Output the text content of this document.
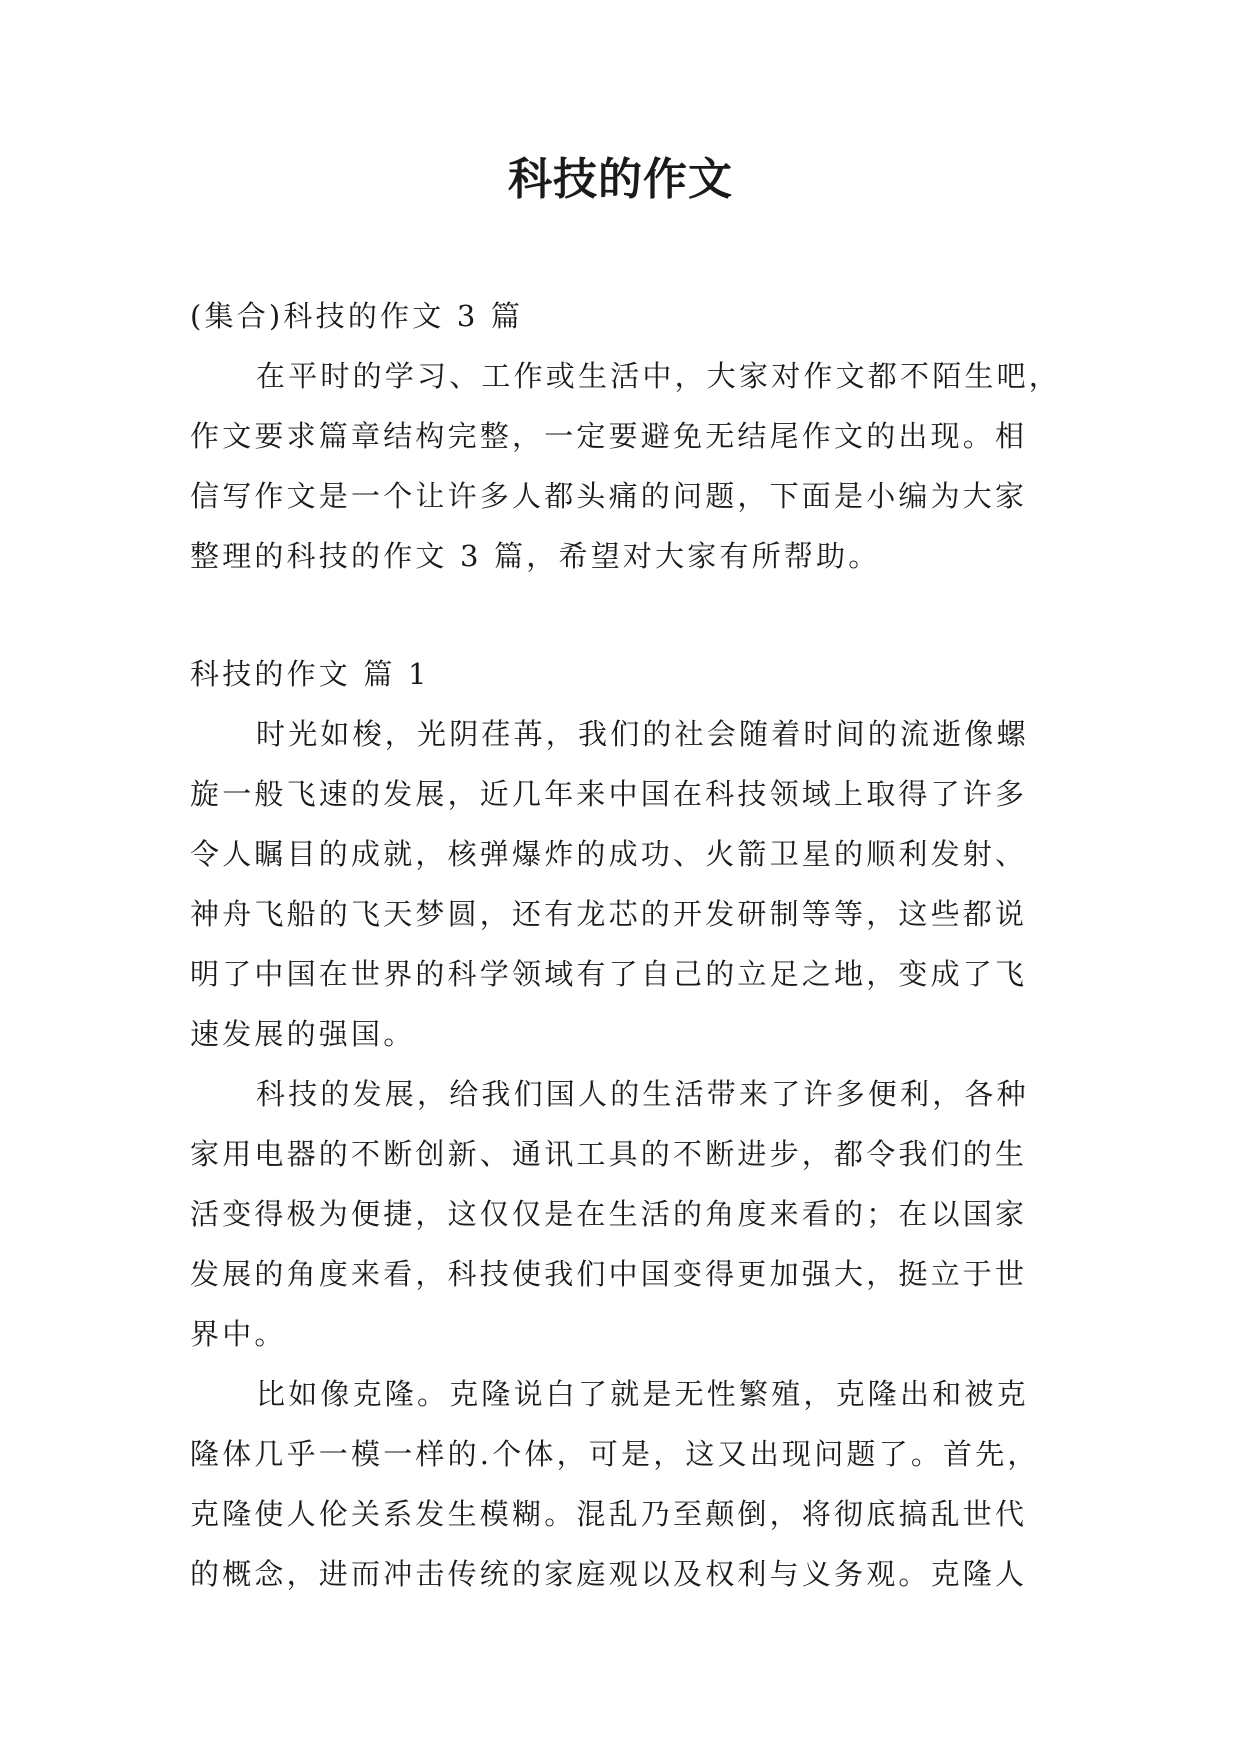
科技的作文
(集合)科技的作文 3 篇
在平时的学习、工作或生活中，大家对作文都不陌生吧，
作文要求篇章结构完整，一定要避免无结尾作文的出现。相
信写作文是一个让许多人都头痛的问题，下面是小编为大家
整理的科技的作文 3 篇，希望对大家有所帮助。
科技的作文 篇 1
时光如梭，光阴荏苒，我们的社会随着时间的流逝像螺
旋一般飞速的发展，近几年来中国在科技领域上取得了许多
令人瞩目的成就，核弹爆炸的成功、火箭卫星的顺利发射、
神舟飞船的飞天梦圆，还有龙芯的开发研制等等，这些都说
明了中国在世界的科学领域有了自己的立足之地，变成了飞
速发展的强国。
科技的发展，给我们国人的生活带来了许多便利，各种
家用电器的不断创新、通讯工具的不断进步，都令我们的生
活变得极为便捷，这仅仅是在生活的角度来看的；在以国家
发展的角度来看，科技使我们中国变得更加强大，挺立于世
界中。
比如像克隆。克隆说白了就是无性繁殖，克隆出和被克
隆体几乎一模一样的.个体，可是，这又出现问题了。首先，
克隆使人伦关系发生模糊。混乱乃至颠倒，将彻底搞乱世代
的概念，进而冲击传统的家庭观以及权利与义务观。克隆人
